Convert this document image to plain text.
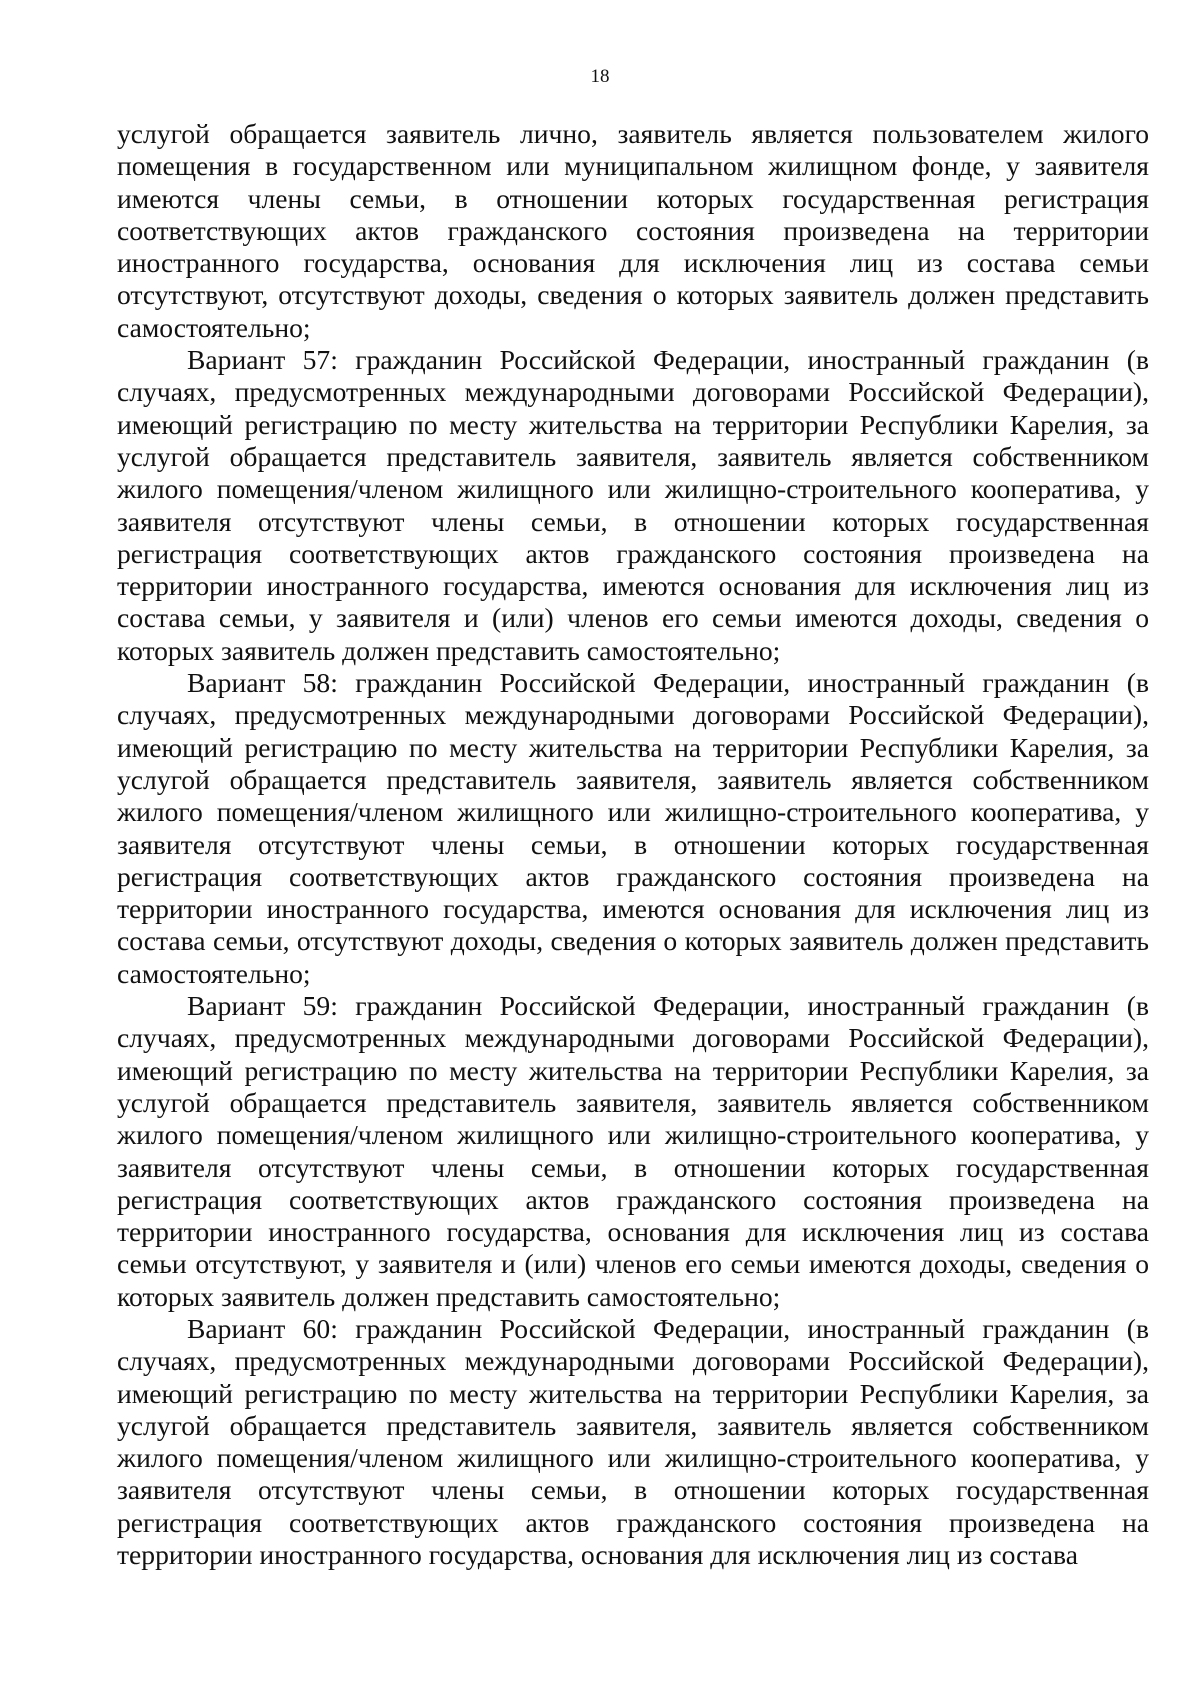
18

услугой обращается заявитель лично, заявитель является пользователем жилого помещения в государственном или муниципальном жилищном фонде, у заявителя имеются члены семьи, в отношении которых государственная регистрация соответствующих актов гражданского состояния произведена на территории иностранного государства, основания для исключения лиц из состава семьи отсутствуют, отсутствуют доходы, сведения о которых заявитель должен представить самостоятельно;

Вариант 57: гражданин Российской Федерации, иностранный гражданин (в случаях, предусмотренных международными договорами Российской Федерации), имеющий регистрацию по месту жительства на территории Республики Карелия, за услугой обращается представитель заявителя, заявитель является собственником жилого помещения/членом жилищного или жилищно-строительного кооператива, у заявителя отсутствуют члены семьи, в отношении которых государственная регистрация соответствующих актов гражданского состояния произведена на территории иностранного государства, имеются основания для исключения лиц из состава семьи, у заявителя и (или) членов его семьи имеются доходы, сведения о которых заявитель должен представить самостоятельно;

Вариант 58: гражданин Российской Федерации, иностранный гражданин (в случаях, предусмотренных международными договорами Российской Федерации), имеющий регистрацию по месту жительства на территории Республики Карелия, за услугой обращается представитель заявителя, заявитель является собственником жилого помещения/членом жилищного или жилищно-строительного кооператива, у заявителя отсутствуют члены семьи, в отношении которых государственная регистрация соответствующих актов гражданского состояния произведена на территории иностранного государства, имеются основания для исключения лиц из состава семьи, отсутствуют доходы, сведения о которых заявитель должен представить самостоятельно;

Вариант 59: гражданин Российской Федерации, иностранный гражданин (в случаях, предусмотренных международными договорами Российской Федерации), имеющий регистрацию по месту жительства на территории Республики Карелия, за услугой обращается представитель заявителя, заявитель является собственником жилого помещения/членом жилищного или жилищно-строительного кооператива, у заявителя отсутствуют члены семьи, в отношении которых государственная регистрация соответствующих актов гражданского состояния произведена на территории иностранного государства, основания для исключения лиц из состава семьи отсутствуют, у заявителя и (или) членов его семьи имеются доходы, сведения о которых заявитель должен представить самостоятельно;

Вариант 60: гражданин Российской Федерации, иностранный гражданин (в случаях, предусмотренных международными договорами Российской Федерации), имеющий регистрацию по месту жительства на территории Республики Карелия, за услугой обращается представитель заявителя, заявитель является собственником жилого помещения/членом жилищного или жилищно-строительного кооператива, у заявителя отсутствуют члены семьи, в отношении которых государственная регистрация соответствующих актов гражданского состояния произведена на территории иностранного государства, основания для исключения лиц из состава
